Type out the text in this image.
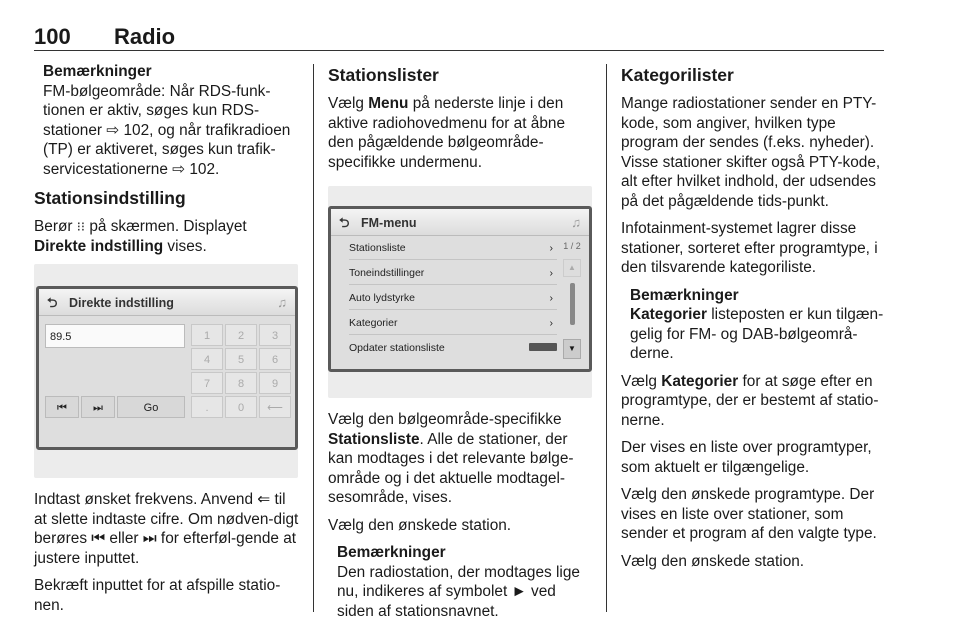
100 Radio
Bemærkninger
FM-bølgeområde: Når RDS-funk-tionen er aktiv, søges kun RDS-stationer ⇨ 102, og når trafikradioen (TP) er aktiveret, søges kun trafik-servicestationerne ⇨ 102.
Stationsindstilling

Berør ⁝⁝ på skærmen. Displayet Direkte indstilling vises.

⮌ Direkte indstilling	♫
89.5	1	2	3
4	5	6
7	8	9
.	0	⟵
⏮	⏭	Go

Indtast ønsket frekvens. Anvend ⇐ til at slette indtaste cifre. Om nødven-digt berøres ⏮ eller ⏭ for efterføl-gende at justere inputtet.

Bekræft inputtet for at afspille statio-nen.

Stationslister

Vælg Menu på nederste linje i den aktive radiohovedmenu for at åbne den pågældende bølgeområde-specifikke undermenu.

⮌ FM-menu	♫
Stationsliste	›
Toneindstillinger	›
Auto lydstyrke	›
Kategorier	›
Opdater stationsliste
1 / 2
▲
▼

Vælg den bølgeområde-specifikke Stationsliste. Alle de stationer, der kan modtages i det relevante bølge-område og i det aktuelle modtagel-sesområde, vises.

Vælg den ønskede station.

Bemærkninger
Den radiostation, der modtages lige nu, indikeres af symbolet ► ved siden af stationsnavnet.
Kategorilister

Mange radiostationer sender en PTY-kode, som angiver, hvilken type program der sendes (f.eks. nyheder). Visse stationer skifter også PTY-kode, alt efter hvilket indhold, der udsendes på det pågældende tids-punkt.

Infotainment-systemet lagrer disse stationer, sorteret efter programtype, i den tilsvarende kategoriliste.

Bemærkninger
Kategorier listeposten er kun tilgæn-gelig for FM- og DAB-bølgeområ-derne.

Vælg Kategorier for at søge efter en programtype, der er bestemt af statio-nerne.

Der vises en liste over programtyper, som aktuelt er tilgængelige.

Vælg den ønskede programtype. Der vises en liste over stationer, som sender et program af den valgte type.

Vælg den ønskede station.
